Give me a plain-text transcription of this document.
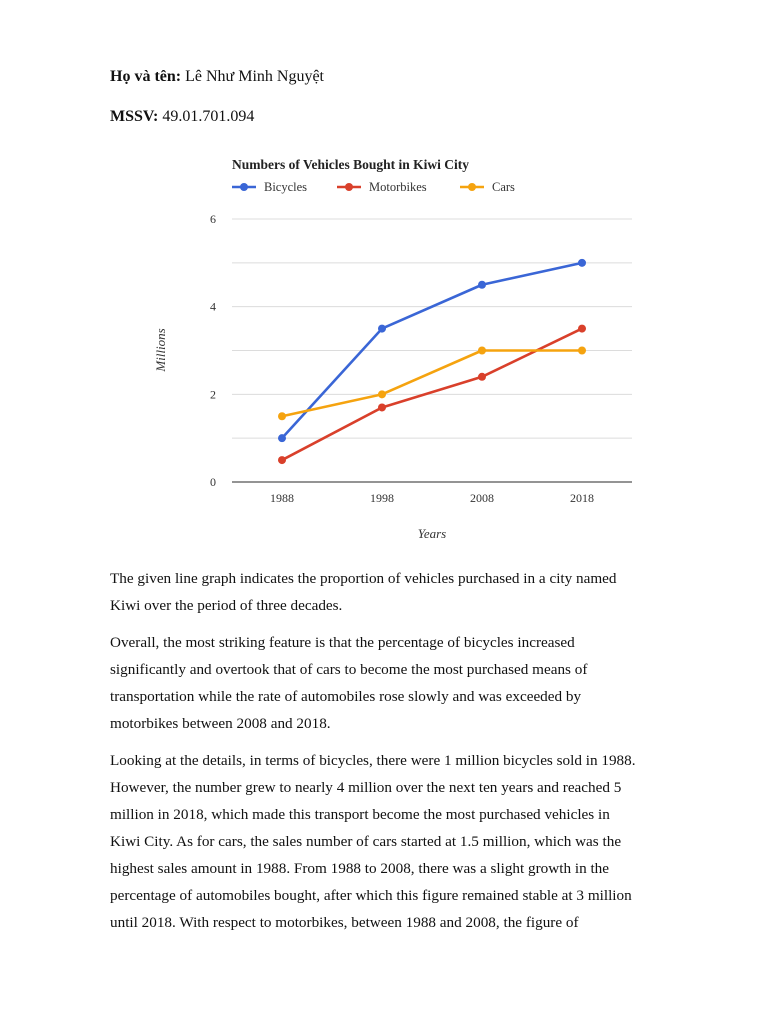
Họ và tên: Lê Như Minh Nguyệt
MSSV: 49.01.701.094
Numbers of Vehicles Bought in Kiwi City
Bicycles	Motorbikes	Cars
0
2
4
6
1988	1998	2008	2018
Millions
Years
The given line graph indicates the proportion of vehicles purchased in a city named
Kiwi over the period of three decades.
Overall, the most striking feature is that the percentage of bicycles increased
significantly and overtook that of cars to become the most purchased means of
transportation while the rate of automobiles rose slowly and was exceeded by
motorbikes between 2008 and 2018.
Looking at the details, in terms of bicycles, there were 1 million bicycles sold in 1988.
However, the number grew to nearly 4 million over the next ten years and reached 5
million in 2018, which made this transport become the most purchased vehicles in
Kiwi City. As for cars, the sales number of cars started at 1.5 million, which was the
highest sales amount in 1988. From 1988 to 2008, there was a slight growth in the
percentage of automobiles bought, after which this figure remained stable at 3 million
until 2018. With respect to motorbikes, between 1988 and 2008, the figure of
